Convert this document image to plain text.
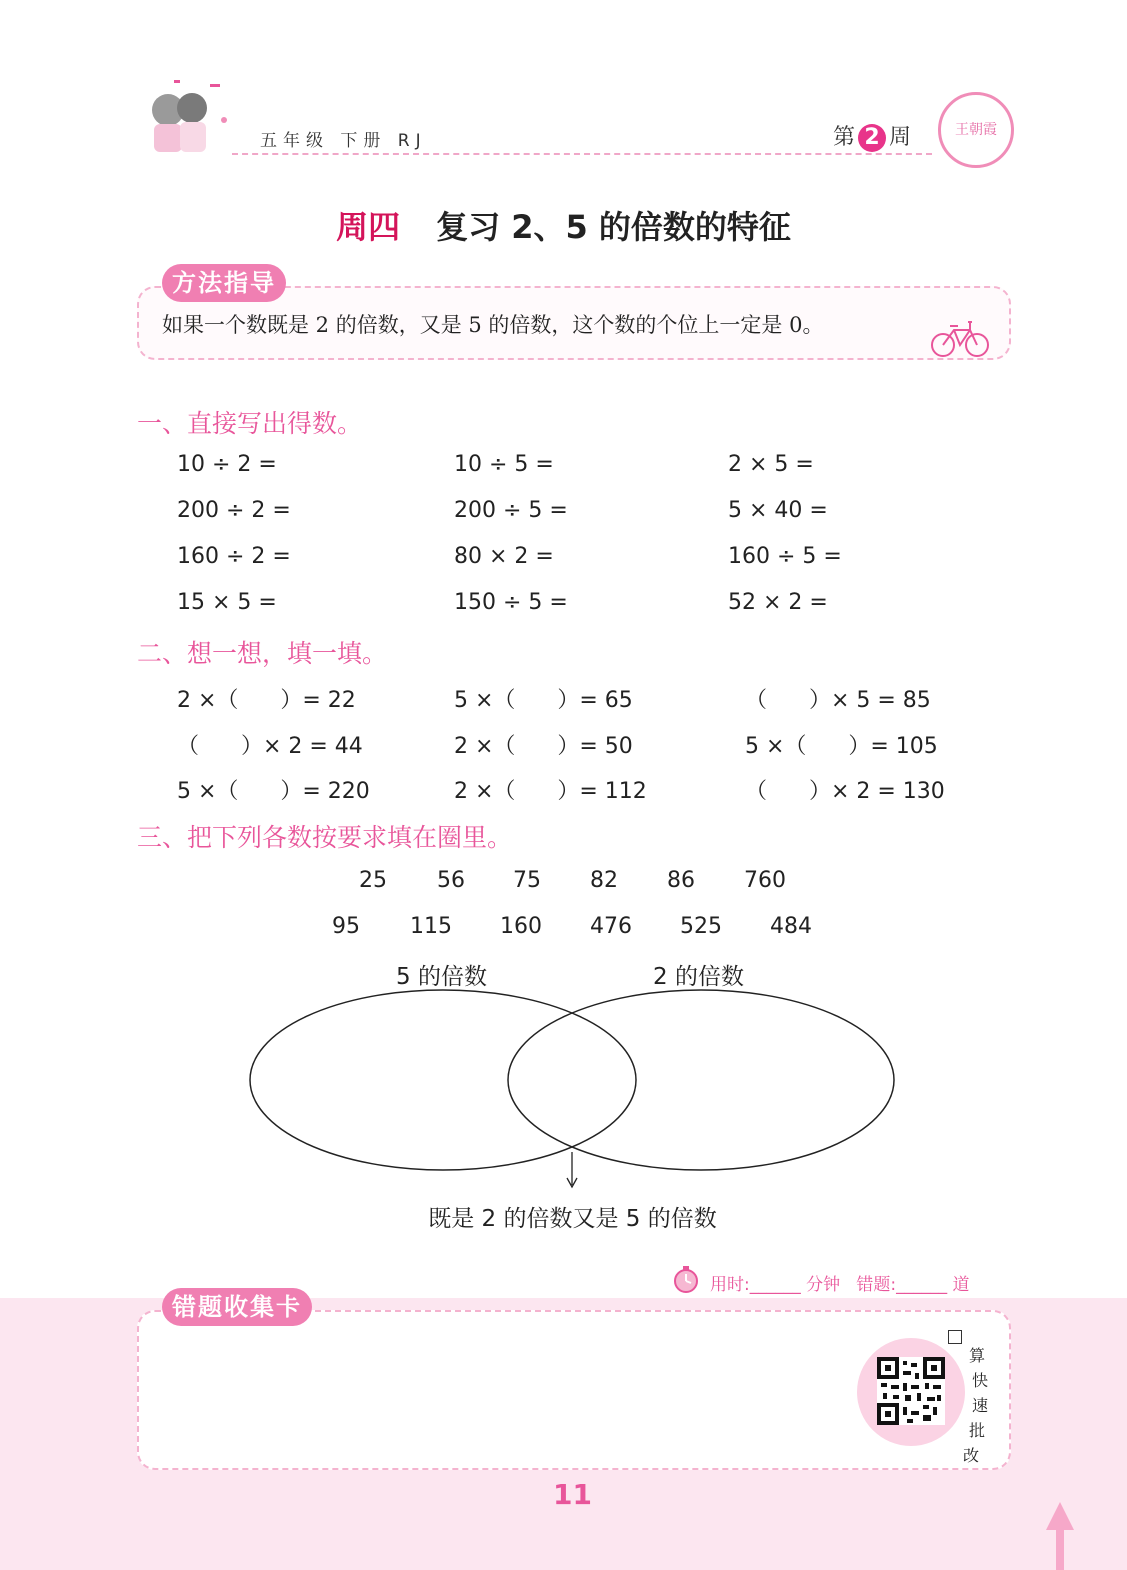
五年级 下册 RJ	第 2 周	王朝霞
周四 复习 2、5 的倍数的特征
方法指导
如果一个数既是 2 的倍数，又是 5 的倍数，这个数的个位上一定是 0。
一、直接写出得数。
10 ÷ 2 =	10 ÷ 5 =	2 × 5 =
200 ÷ 2 =	200 ÷ 5 =	5 × 40 =
160 ÷ 2 =	80 × 2 =	160 ÷ 5 =
15 × 5 =	150 ÷ 5 =	52 × 2 =
二、想一想，填一填。
2 ×（      ）= 22	5 ×（      ）= 65	（      ）× 5 = 85
（      ）× 2 = 44	2 ×（      ）= 50	5 ×（      ）= 105
5 ×（      ）= 220	2 ×（      ）= 112	（      ）× 2 = 130
三、把下列各数按要求填在圈里。
25 56 75 82 86 760
95 115 160 476 525 484
5 的倍数	2 的倍数
既是 2 的倍数又是 5 的倍数
用时:______ 分钟   错题:______ 道
错题收集卡
算
快
速
批
改
11
